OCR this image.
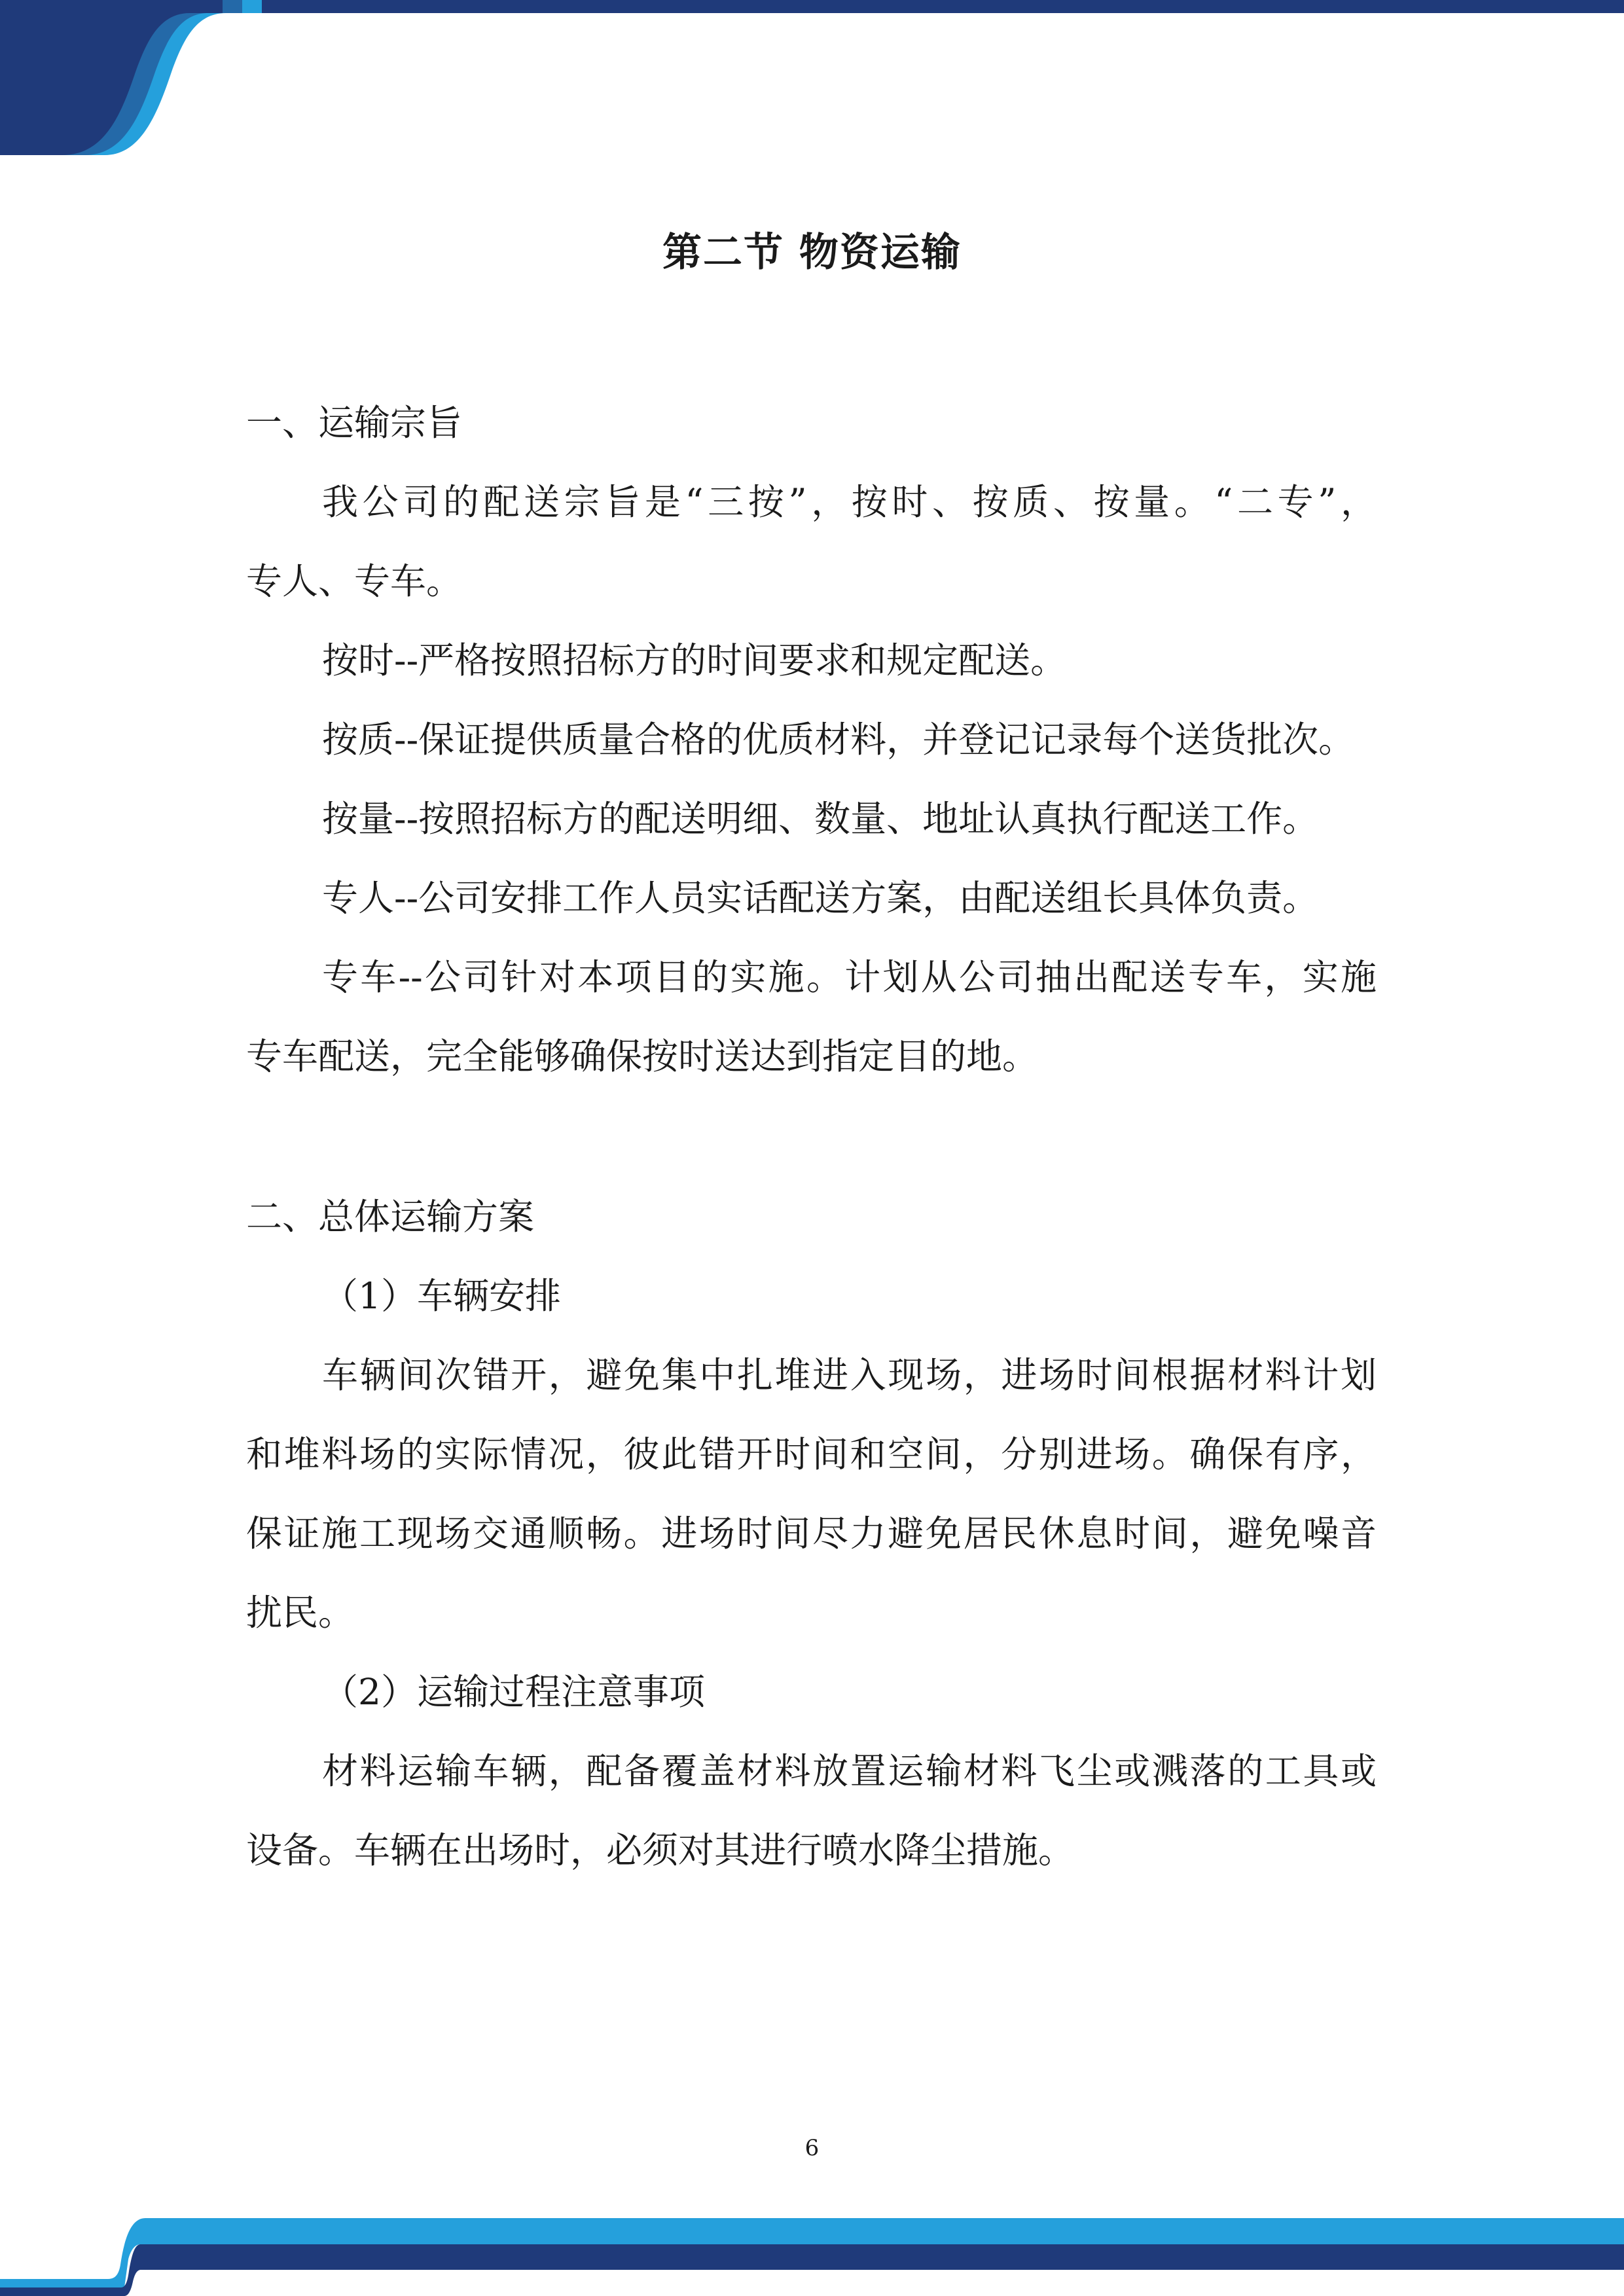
第二节 物资运输
一、运输宗旨
我公司的配送宗旨是“三按”，按时、按质、按量。“二专”，
专人、专车。
按时--严格按照招标方的时间要求和规定配送。
按质--保证提供质量合格的优质材料，并登记记录每个送货批次。
按量--按照招标方的配送明细、数量、地址认真执行配送工作。
专人--公司安排工作人员实话配送方案，由配送组长具体负责。
专车--公司针对本项目的实施。计划从公司抽出配送专车，实施
专车配送，完全能够确保按时送达到指定目的地。
二、总体运输方案
（1）车辆安排
车辆间次错开，避免集中扎堆进入现场，进场时间根据材料计划
和堆料场的实际情况，彼此错开时间和空间，分别进场。确保有序，
保证施工现场交通顺畅。进场时间尽力避免居民休息时间，避免噪音
扰民。
（2）运输过程注意事项
材料运输车辆，配备覆盖材料放置运输材料飞尘或溅落的工具或
设备。车辆在出场时，必须对其进行喷水降尘措施。
6
